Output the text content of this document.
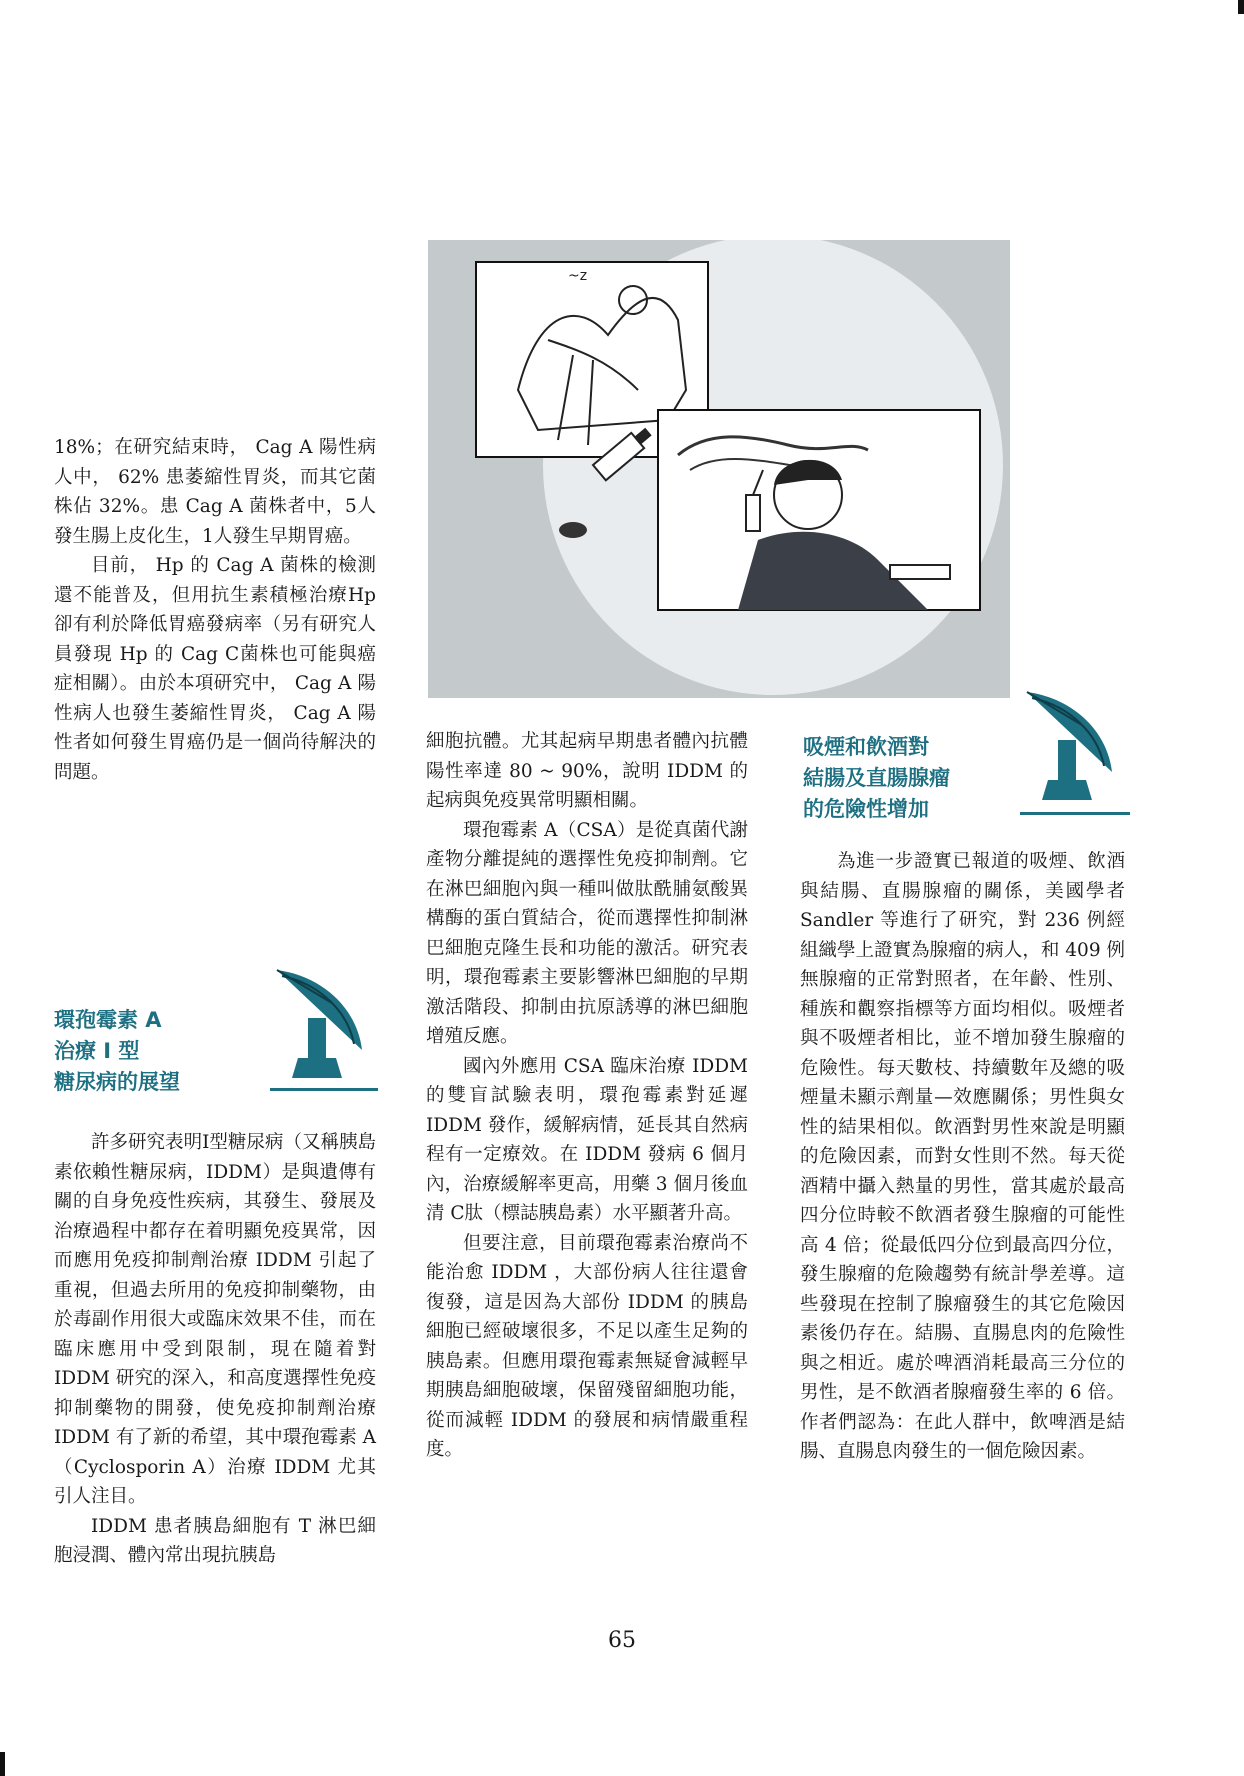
18%；在研究結束時， Cag A 陽性病人中， 62% 患萎縮性胃炎，而其它菌株佔 32%。患 Cag A 菌株者中，5人發生腸上皮化生，1人發生早期胃癌。

目前， Hp 的 Cag A 菌株的檢測還不能普及，但用抗生素積極治療Hp卻有利於降低胃癌發病率（另有研究人員發現 Hp 的 Cag C菌株也可能與癌症相關）。由於本項研究中， Cag A 陽性病人也發生萎縮性胃炎， Cag A 陽性者如何發生胃癌仍是一個尚待解決的問題。

環孢霉素 A
治療 I 型
糖尿病的展望

許多研究表明I型糖尿病（又稱胰島素依賴性糖尿病，IDDM）是與遺傳有關的自身免疫性疾病，其發生、發展及治療過程中都存在着明顯免疫異常，因而應用免疫抑制劑治療 IDDM 引起了重視，但過去所用的免疫抑制藥物，由於毒副作用很大或臨床效果不佳，而在臨床應用中受到限制，現在隨着對 IDDM 研究的深入，和高度選擇性免疫抑制藥物的開發，使免疫抑制劑治療 IDDM 有了新的希望，其中環孢霉素 A（Cyclosporin A）治療 IDDM 尤其引人注目。

IDDM 患者胰島細胞有 T 淋巴細胞浸潤、體內常出現抗胰島

~z

細胞抗體。尤其起病早期患者體內抗體陽性率達 80 ~ 90%，說明 IDDM 的起病與免疫異常明顯相關。

環孢霉素 A（CSA）是從真菌代謝產物分離提純的選擇性免疫抑制劑。它在淋巴細胞內與一種叫做肽酰脯氨酸異構酶的蛋白質結合，從而選擇性抑制淋巴細胞克隆生長和功能的激活。研究表明，環孢霉素主要影響淋巴細胞的早期激活階段、抑制由抗原誘導的淋巴細胞增殖反應。

國內外應用 CSA 臨床治療 IDDM 的雙盲試驗表明，環孢霉素對延遲 IDDM 發作，緩解病情，延長其自然病程有一定療效。在 IDDM 發病 6 個月內，治療緩解率更高，用藥 3 個月後血清 C肽（標誌胰島素）水平顯著升高。

但要注意，目前環孢霉素治療尚不能治愈 IDDM ，大部份病人往往還會復發，這是因為大部份 IDDM 的胰島細胞已經破壞很多，不足以產生足夠的胰島素。但應用環孢霉素無疑會減輕早期胰島細胞破壞，保留殘留細胞功能，從而減輕 IDDM 的發展和病情嚴重程度。

吸煙和飲酒對
結腸及直腸腺瘤
的危險性增加

為進一步證實已報道的吸煙、飲酒與結腸、直腸腺瘤的關係，美國學者 Sandler 等進行了研究，對 236 例經組織學上證實為腺瘤的病人，和 409 例無腺瘤的正常對照者，在年齡、性別、種族和觀察指標等方面均相似。吸煙者與不吸煙者相比，並不增加發生腺瘤的危險性。每天數枝、持續數年及總的吸煙量未顯示劑量—效應關係；男性與女性的結果相似。飲酒對男性來說是明顯的危險因素，而對女性則不然。每天從酒精中攝入熱量的男性，當其處於最高四分位時較不飲酒者發生腺瘤的可能性高 4 倍；從最低四分位到最高四分位，發生腺瘤的危險趨勢有統計學差導。這些發現在控制了腺瘤發生的其它危險因素後仍存在。結腸、直腸息肉的危險性與之相近。處於啤酒消耗最高三分位的男性，是不飲酒者腺瘤發生率的 6 倍。作者們認為：在此人群中，飲啤酒是結腸、直腸息肉發生的一個危險因素。

65
